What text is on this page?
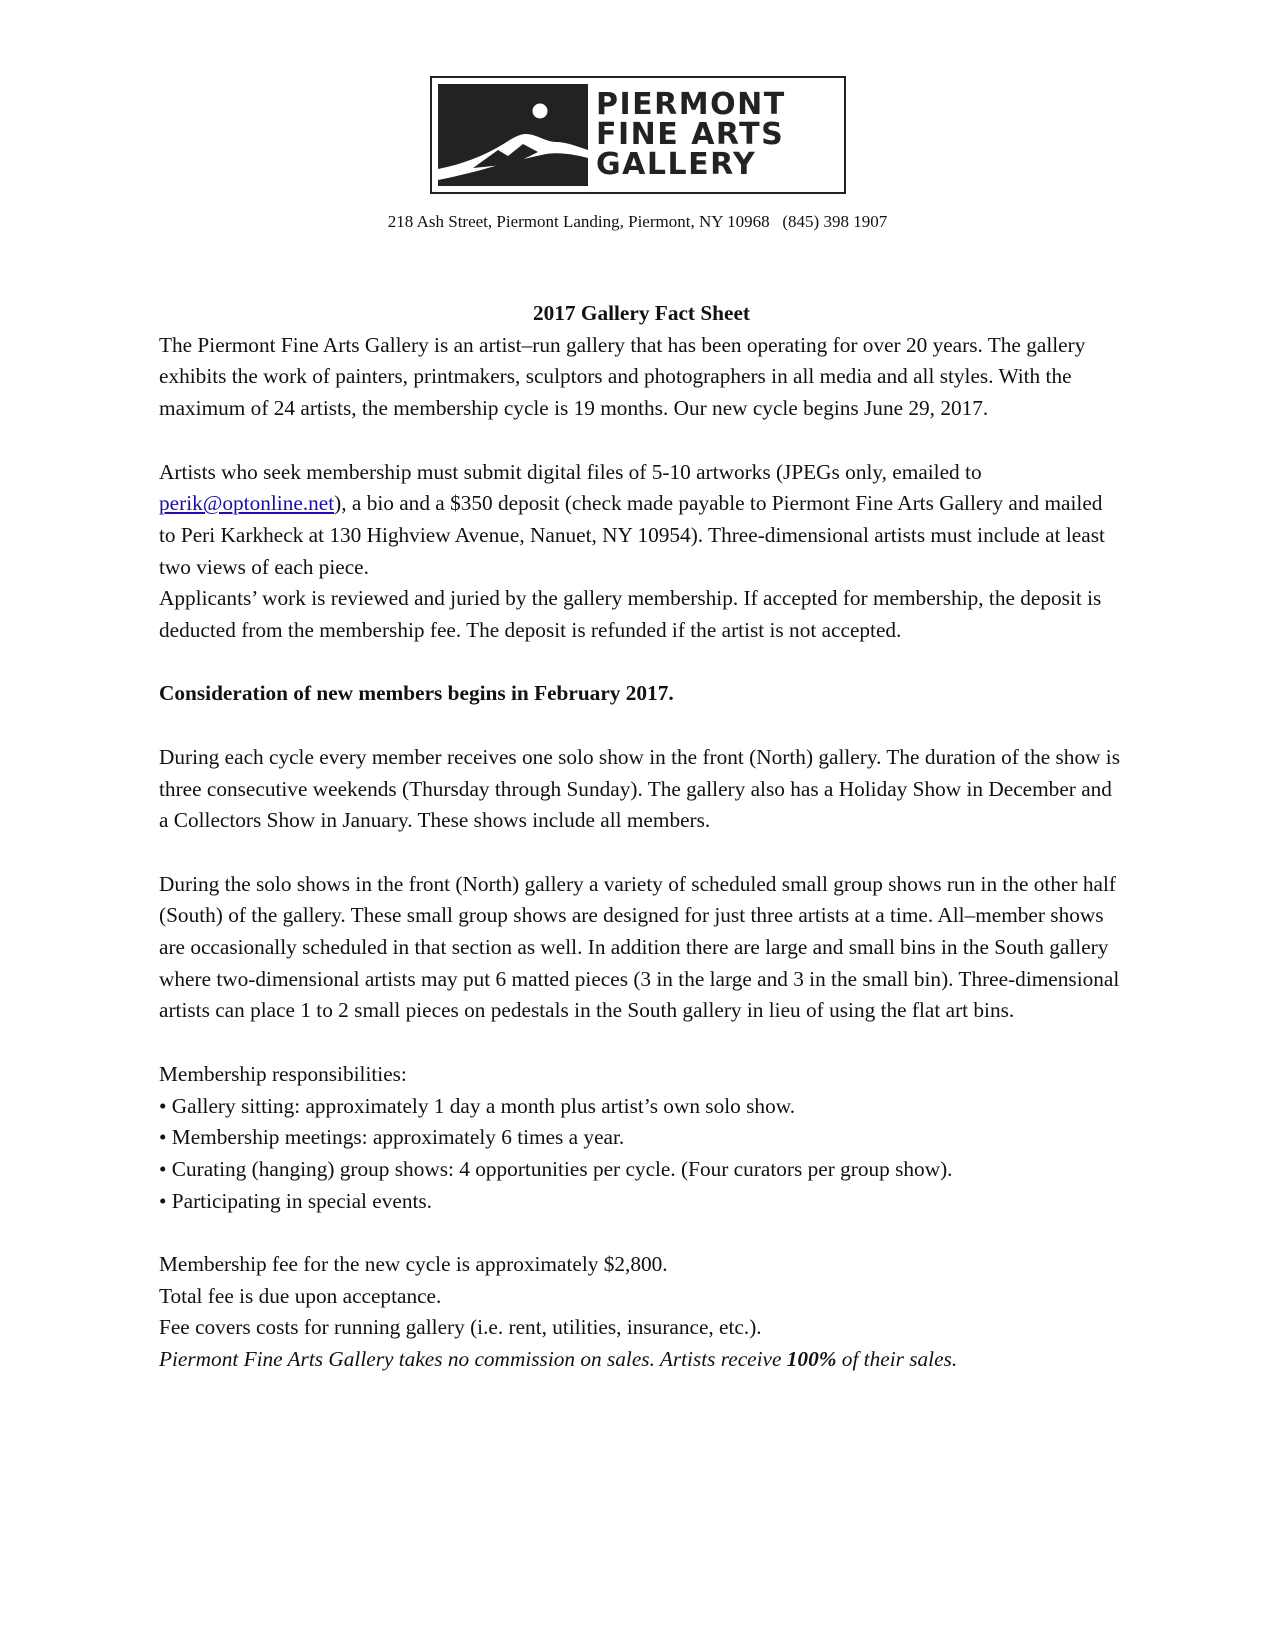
PIERMONT
FINE ARTS
GALLERY
218 Ash Street, Piermont Landing, Piermont, NY 10968   (845) 398 1907

2017 Gallery Fact Sheet

The Piermont Fine Arts Gallery is an artist–run gallery that has been operating for over 20 years. The gallery exhibits the work of painters, printmakers, sculptors and photographers in all media and all styles. With the maximum of 24 artists, the membership cycle is 19 months. Our new cycle begins June 29, 2017.

Artists who seek membership must submit digital files of 5-10 artworks (JPEGs only, emailed to perik@optonline.net), a bio and a $350 deposit (check made payable to Piermont Fine Arts Gallery and mailed to Peri Karkheck at 130 Highview Avenue, Nanuet, NY 10954). Three-dimensional artists must include at least two views of each piece.

Applicants’ work is reviewed and juried by the gallery membership. If accepted for membership, the deposit is deducted from the membership fee. The deposit is refunded if the artist is not accepted.

Consideration of new members begins in February 2017.

During each cycle every member receives one solo show in the front (North) gallery. The duration of the show is three consecutive weekends (Thursday through Sunday). The gallery also has a Holiday Show in December and a Collectors Show in January. These shows include all members.

During the solo shows in the front (North) gallery a variety of scheduled small group shows run in the other half (South) of the gallery. These small group shows are designed for just three artists at a time. All–member shows are occasionally scheduled in that section as well. In addition there are large and small bins in the South gallery where two-dimensional artists may put 6 matted pieces (3 in the large and 3 in the small bin). Three-dimensional artists can place 1 to 2 small pieces on pedestals in the South gallery in lieu of using the flat art bins.

Membership responsibilities:

• Gallery sitting: approximately 1 day a month plus artist’s own solo show.

• Membership meetings: approximately 6 times a year.

• Curating (hanging) group shows: 4 opportunities per cycle. (Four curators per group show).

• Participating in special events.

Membership fee for the new cycle is approximately $2,800.

Total fee is due upon acceptance.

Fee covers costs for running gallery (i.e. rent, utilities, insurance, etc.).

Piermont Fine Arts Gallery takes no commission on sales. Artists receive 100% of their sales.
